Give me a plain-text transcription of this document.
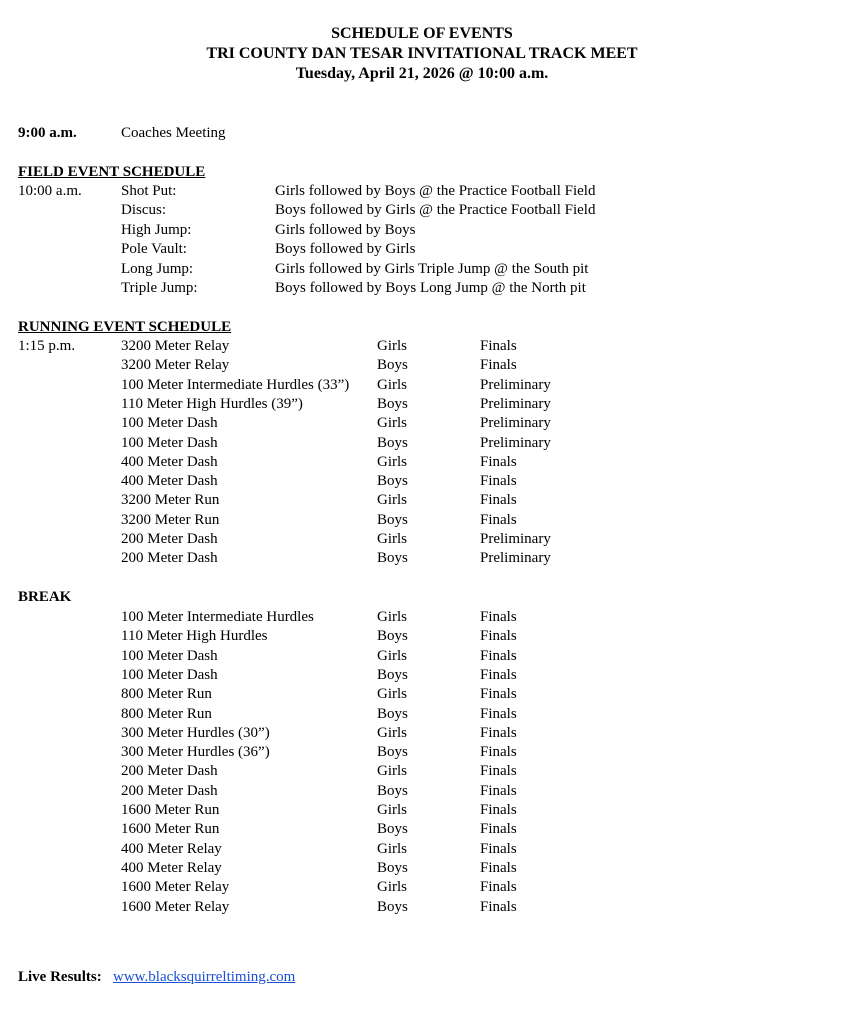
SCHEDULE OF EVENTS
TRI COUNTY DAN TESAR INVITATIONAL TRACK MEET
Tuesday, April 21, 2026 @ 10:00 a.m.
9:00 a.m.	Coaches Meeting
FIELD EVENT SCHEDULE
10:00 a.m.	Shot Put:	Girls followed by Boys @ the Practice Football Field
Discus:	Boys followed by Girls @ the Practice Football Field
High Jump:	Girls followed by Boys
Pole Vault:	Boys followed by Girls
Long Jump:	Girls followed by Girls Triple Jump @ the South pit
Triple Jump:	Boys followed by Boys Long Jump @ the North pit
RUNNING EVENT SCHEDULE
1:15 p.m.	3200 Meter Relay	Girls	Finals
3200 Meter Relay	Boys	Finals
100 Meter Intermediate Hurdles (33”) Girls	Preliminary
110 Meter High Hurdles (39”)	Boys	Preliminary
100 Meter Dash	Girls	Preliminary
100 Meter Dash	Boys	Preliminary
400 Meter Dash	Girls	Finals
400 Meter Dash	Boys	Finals
3200 Meter Run	Girls	Finals
3200 Meter Run	Boys	Finals
200 Meter Dash	Girls	Preliminary
200 Meter Dash	Boys	Preliminary
BREAK
100 Meter Intermediate Hurdles	Girls	Finals
110 Meter High Hurdles	Boys	Finals
100 Meter Dash	Girls	Finals
100 Meter Dash	Boys	Finals
800 Meter Run	Girls	Finals
800 Meter Run	Boys	Finals
300 Meter Hurdles (30”)	Girls	Finals
300 Meter Hurdles (36”)	Boys	Finals
200 Meter Dash	Girls	Finals
200 Meter Dash	Boys	Finals
1600 Meter Run	Girls	Finals
1600 Meter Run	Boys	Finals
400 Meter Relay	Girls	Finals
400 Meter Relay	Boys	Finals
1600 Meter Relay	Girls	Finals
1600 Meter Relay	Boys	Finals
Live Results: www.blacksquirreltiming.com
